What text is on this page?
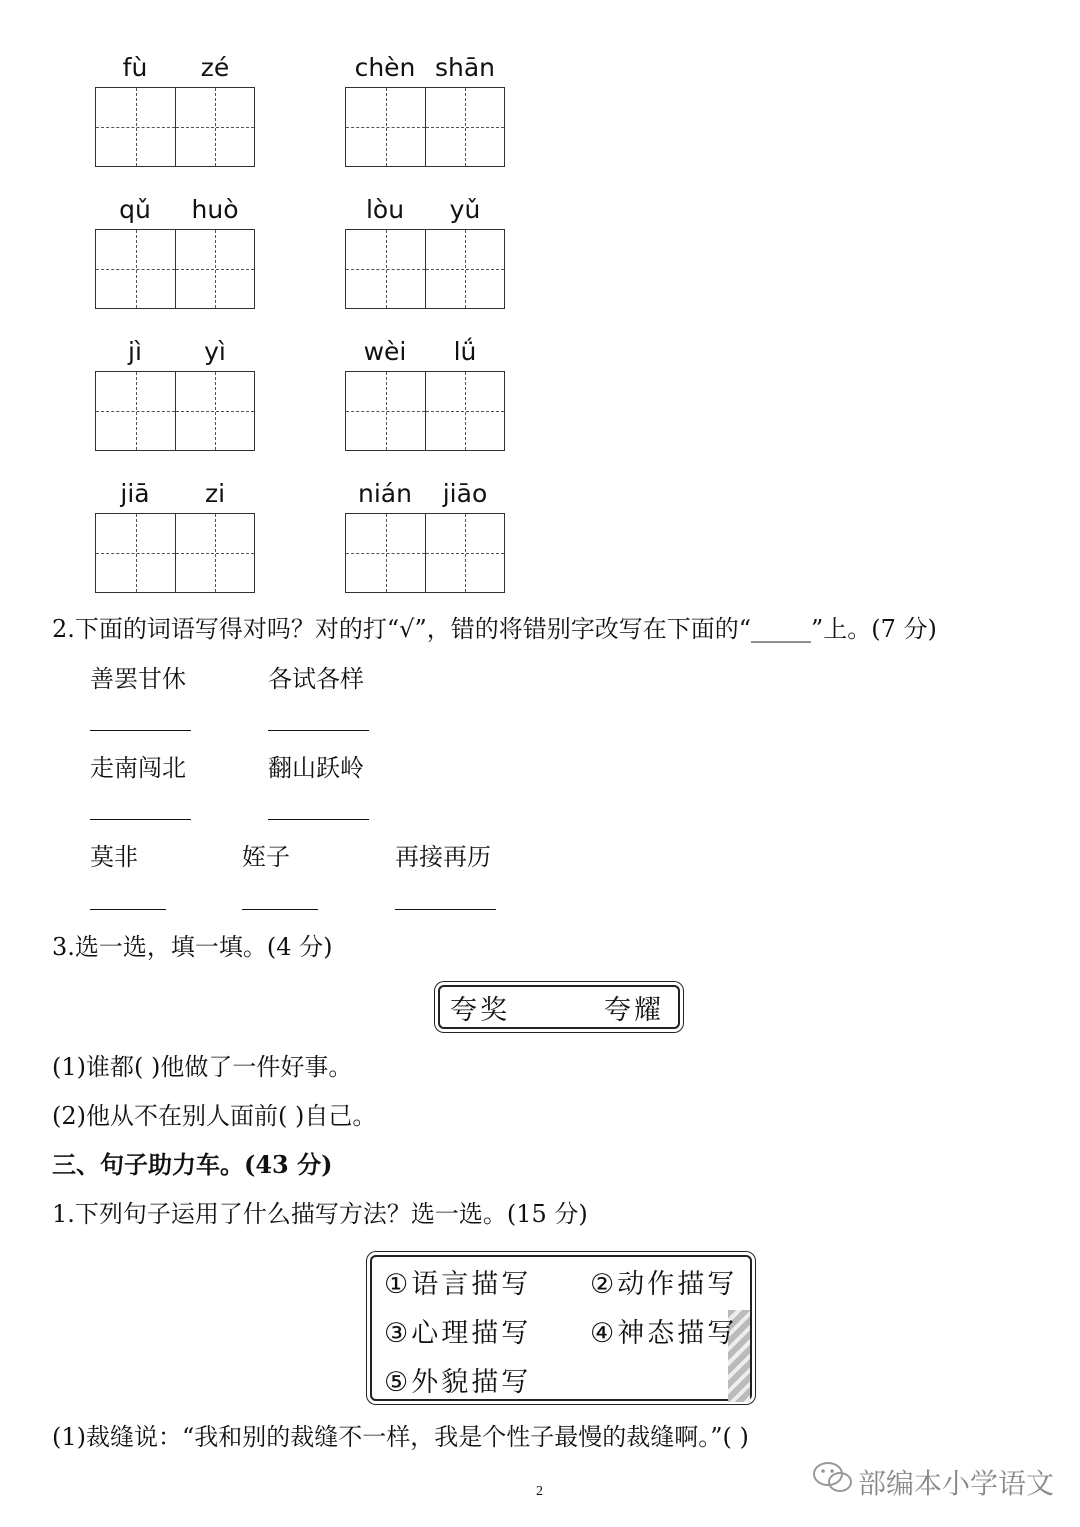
fù	zé	chèn shān
qǔ	huò	lòu	yǔ
jì	yì	wèi	lǘ
jiā	zi	nián	jiāo
2.下面的词语写得对吗？对的打“√”，错的将错别字改写在下面的“_____”上。(7 分)
善罢甘休	各试各样
走南闯北	翻山跃岭
莫非	姪子	再接再历
3.选一选，填一填。(4 分)
夸奖	夸耀
(1)谁都( )他做了一件好事。
(2)他从不在别人面前( )自己。
三、句子助力车。(43 分)
1.下列句子运用了什么描写方法？选一选。(15 分)
①语言描写 ②动作描写
③心理描写 ④神态描写
⑤外貌描写
(1)裁缝说：“我和别的裁缝不一样，我是个性子最慢的裁缝啊。”( )
2	部编本小学语文
